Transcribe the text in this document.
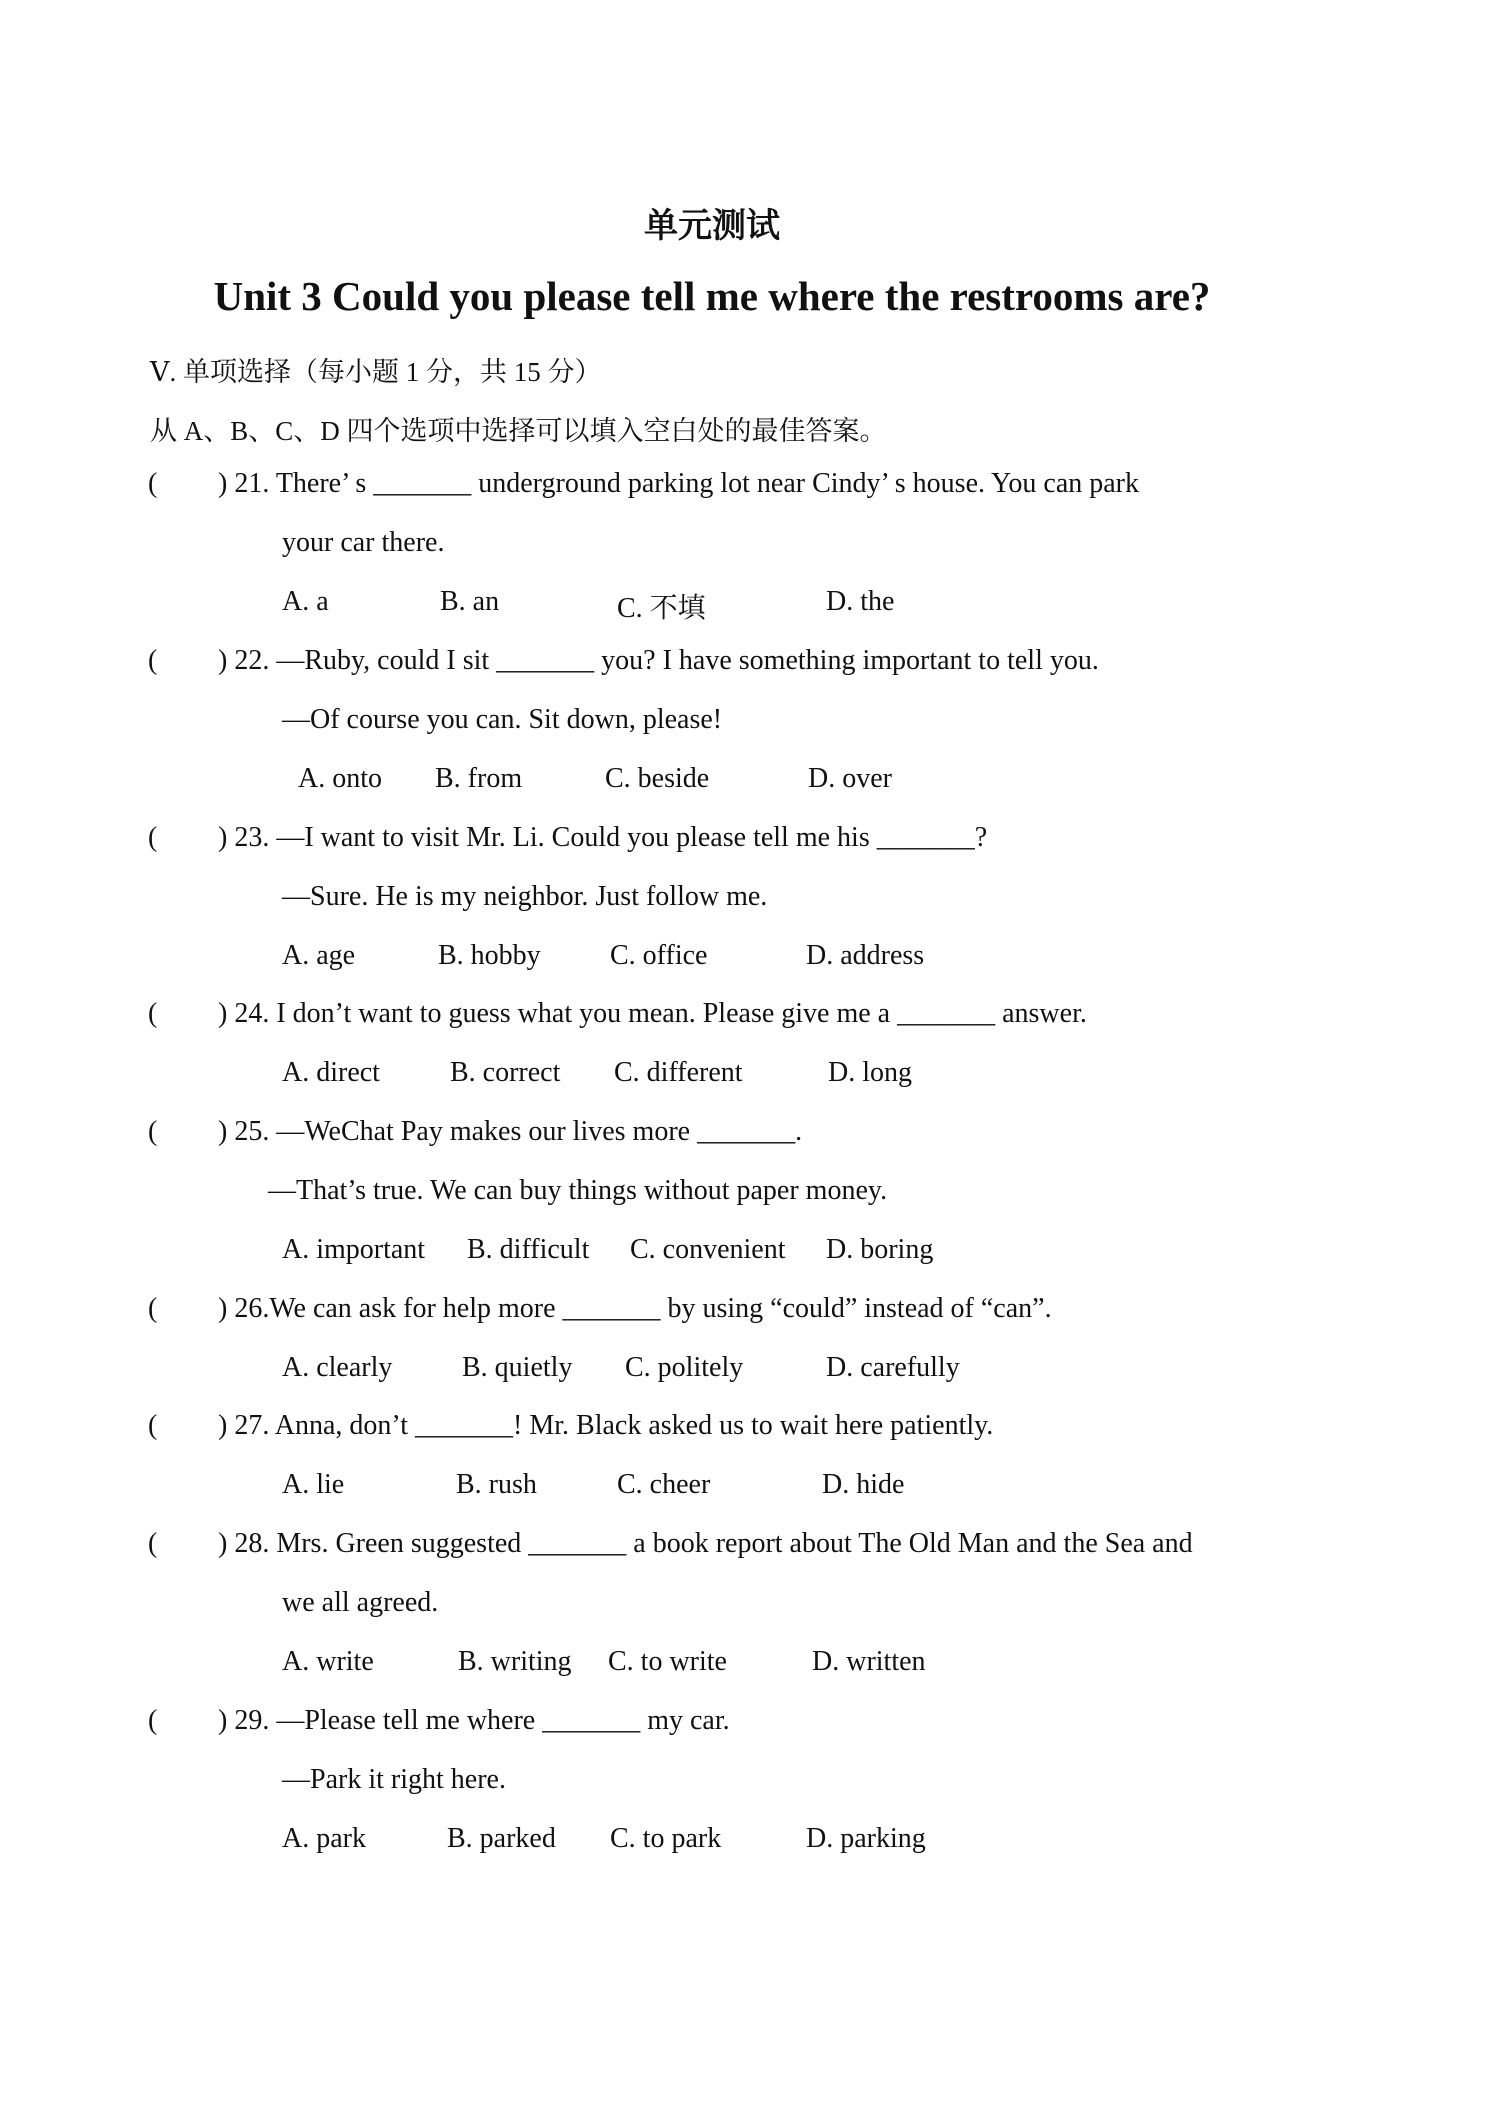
单元测试
Unit 3 Could you please tell me where the restrooms are?
Ⅴ. 单项选择（每小题 1 分，共 15 分）
从 A、B、C、D 四个选项中选择可以填入空白处的最佳答案。
( ) 21. There’ s _______ underground parking lot near Cindy’ s house. You can park
your car there.
A. a	B. an	C. 不填	D. the
( ) 22. —Ruby, could I sit _______ you? I have something important to tell you.
—Of course you can. Sit down, please!
A. onto B. from	C. beside	D. over
( ) 23. —I want to visit Mr. Li. Could you please tell me his _______?
—Sure. He is my neighbor. Just follow me.
A. age	B. hobby C. office	D. address
( ) 24. I don’t want to guess what you mean. Please give me a _______ answer.
A. direct	B. correct C. different	D. long
( ) 25. —WeChat Pay makes our lives more _______.
—That’s true. We can buy things without paper money.
A. important B. difficult C. convenient D. boring
( ) 26.We can ask for help more _______ by using “could” instead of “can”.
A. clearly B. quietly C. politely	D. carefully
( ) 27. Anna, don’t _______! Mr. Black asked us to wait here patiently.
A. lie	B. rush	C. cheer	D. hide
( ) 28. Mrs. Green suggested _______ a book report about The Old Man and the Sea and
we all agreed.
A. write	B. writing C. to write	D. written
( ) 29. —Please tell me where _______ my car.
—Park it right here.
A. park	B. parked C. to park	D. parking
